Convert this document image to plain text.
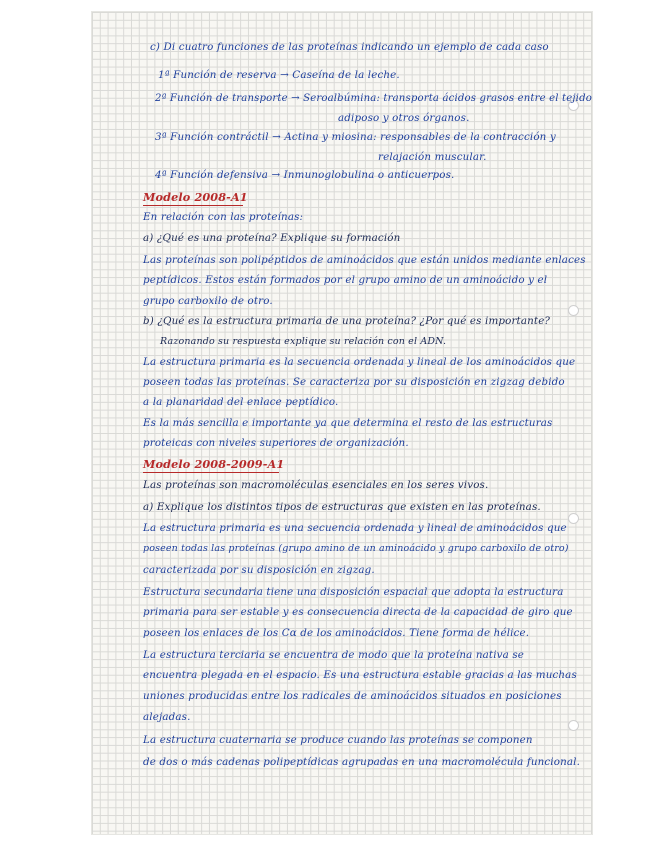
c) Di cuatro funciones de las proteínas indicando un ejemplo de cada caso

1ª Función de reserva → Caseína de la leche.

2ª Función de transporte → Seroalbúmina: transporta ácidos grasos entre el tejido

adiposo y otros órganos.

3ª Función contráctil → Actina y miosina: responsables de la contracción y

relajación muscular.

4ª Función defensiva → Inmunoglobulina o anticuerpos.

Modelo 2008-A1

En relación con las proteínas:

a) ¿Qué es una proteína? Explique su formación

Las proteínas son polipéptidos de aminoácidos que están unidos mediante enlaces

peptídicos. Estos están formados por el grupo amino de un aminoácido y el

grupo carboxilo de otro.

b) ¿Qué es la estructura primaria de una proteína? ¿Por qué es importante?

Razonando su respuesta explique su relación con el ADN.

La estructura primaria es la secuencia ordenada y lineal de los aminoácidos que

poseen todas las proteínas. Se caracteriza por su disposición en zigzag debido

a la planaridad del enlace peptídico.

Es la más sencilla e importante ya que determina el resto de las estructuras

proteicas con niveles superiores de organización.

Modelo 2008-2009-A1

Las proteínas son macromoléculas esenciales en los seres vivos.

a) Explique los distintos tipos de estructuras que existen en las proteínas.

La estructura primaria es una secuencia ordenada y lineal de aminoácidos que

poseen todas las proteínas (grupo amino de un aminoácido y grupo carboxilo de otro)

caracterizada por su disposición en zigzag.

Estructura secundaria tiene una disposición espacial que adopta la estructura

primaria para ser estable y es consecuencia directa de la capacidad de giro que

poseen los enlaces de los Cα de los aminoácidos. Tiene forma de hélice.

La estructura terciaria se encuentra de modo que la proteína nativa se

encuentra plegada en el espacio. Es una estructura estable gracias a las muchas

uniones producidas entre los radicales de aminoácidos situados en posiciones

alejadas.

La estructura cuaternaria se produce cuando las proteínas se componen

de dos o más cadenas polipeptídicas agrupadas en una macromolécula funcional.
